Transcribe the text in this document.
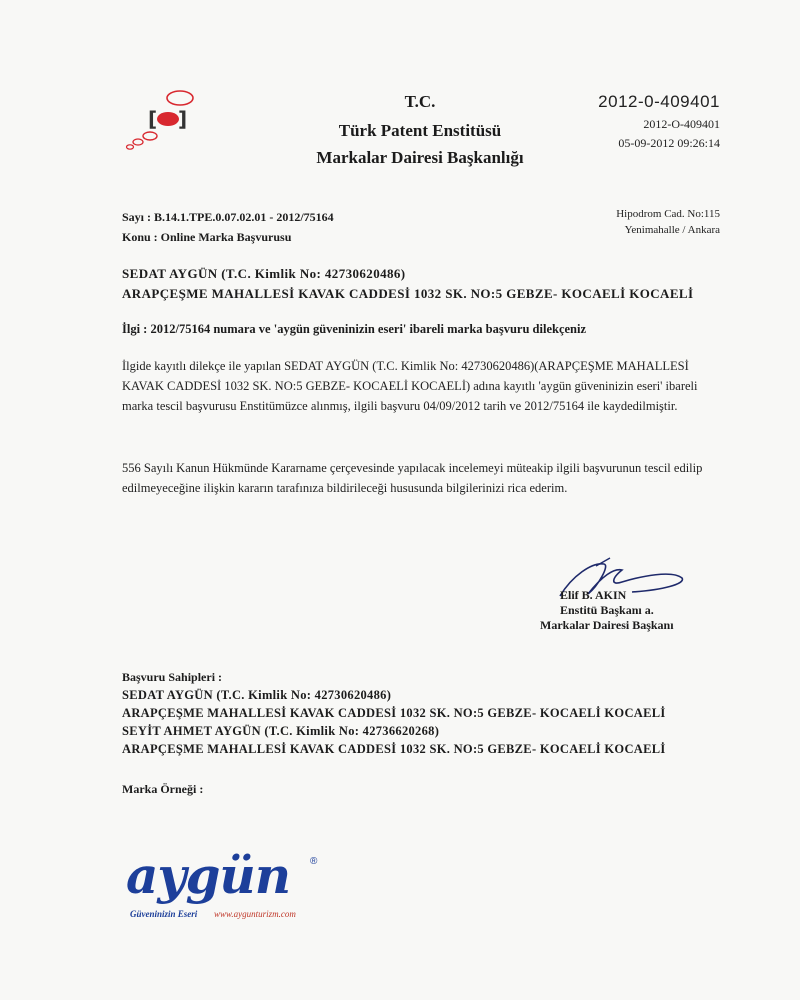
[ ]
T.C.
Türk Patent Enstitüsü
Markalar Dairesi Başkanlığı
2012-0-409401
2012-O-409401
05-09-2012 09:26:14
Sayı : B.14.1.TPE.0.07.02.01 - 2012/75164
Konu : Online Marka Başvurusu
Hipodrom Cad. No:115
Yenimahalle / Ankara
SEDAT AYGÜN (T.C. Kimlik No: 42730620486)
ARAPÇEŞME MAHALLESİ KAVAK CADDESİ 1032 SK. NO:5 GEBZE- KOCAELİ KOCAELİ
İlgi : 2012/75164 numara ve 'aygün güveninizin eseri' ibareli marka başvuru dilekçeniz
İlgide kayıtlı dilekçe ile yapılan SEDAT AYGÜN (T.C. Kimlik No: 42730620486)(ARAPÇEŞME MAHALLESİ KAVAK CADDESİ 1032 SK. NO:5 GEBZE- KOCAELİ KOCAELİ) adına kayıtlı 'aygün güveninizin eseri' ibareli marka tescil başvurusu Enstitümüzce alınmış, ilgili başvuru 04/09/2012 tarih ve 2012/75164 ile kaydedilmiştir.
556 Sayılı Kanun Hükmünde Kararname çerçevesinde yapılacak incelemeyi müteakip ilgili başvurunun tescil edilip edilmeyeceğine ilişkin kararın tarafınıza bildirileceği hususunda bilgilerinizi rica ederim.
Elif B. AKIN
Enstitü Başkanı a.
Markalar Dairesi Başkanı
Başvuru Sahipleri :
SEDAT AYGÜN (T.C. Kimlik No: 42730620486)
ARAPÇEŞME MAHALLESİ KAVAK CADDESİ 1032 SK. NO:5 GEBZE- KOCAELİ KOCAELİ
SEYİT AHMET AYGÜN (T.C. Kimlik No: 42736620268)
ARAPÇEŞME MAHALLESİ KAVAK CADDESİ 1032 SK. NO:5 GEBZE- KOCAELİ KOCAELİ
Marka Örneği :
aygün ®
Güveninizin Eseri www.aygunturizm.com
